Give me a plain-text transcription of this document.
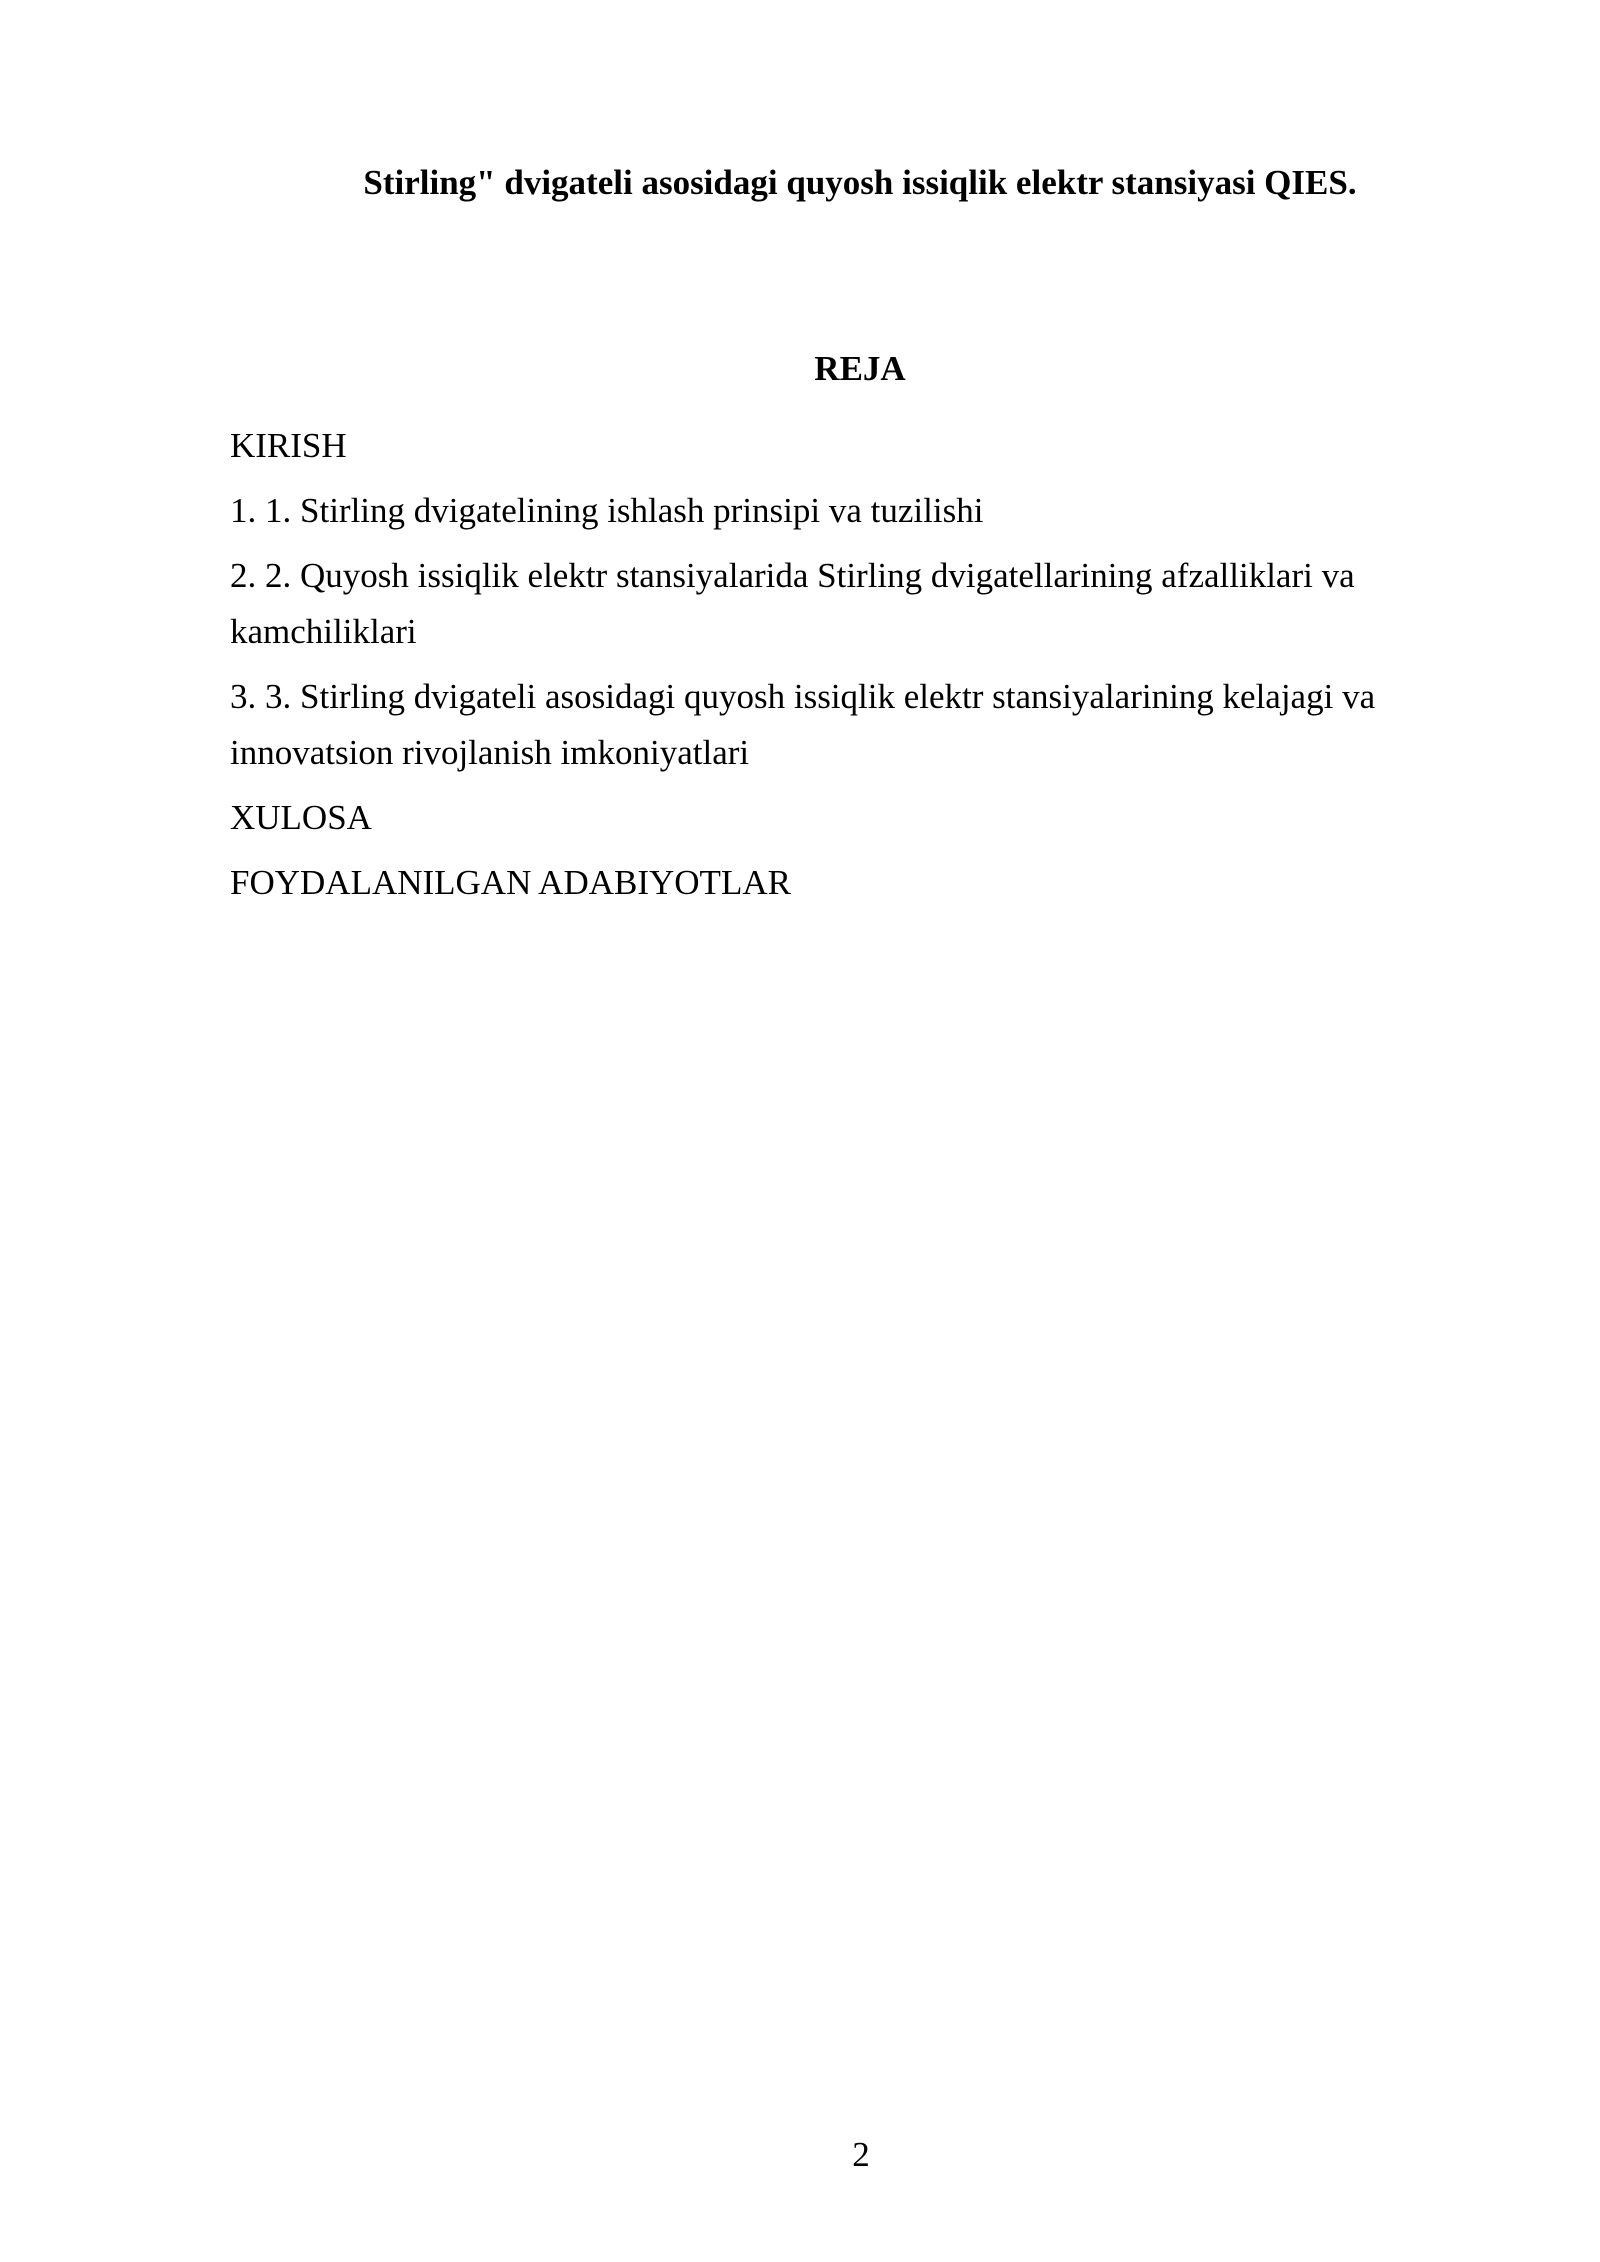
Stirling" dvigateli asosidagi quyosh issiqlik elektr stansiyasi QIES.
REJA
KIRISH
1. 1. Stirling dvigatelining ishlash prinsipi va tuzilishi
2. 2. Quyosh issiqlik elektr stansiyalarida Stirling dvigatellarining afzalliklari va kamchiliklari
3. 3. Stirling dvigateli asosidagi quyosh issiqlik elektr stansiyalarining kelajagi va innovatsion rivojlanish imkoniyatlari
XULOSA
FOYDALANILGAN ADABIYOTLAR
2
